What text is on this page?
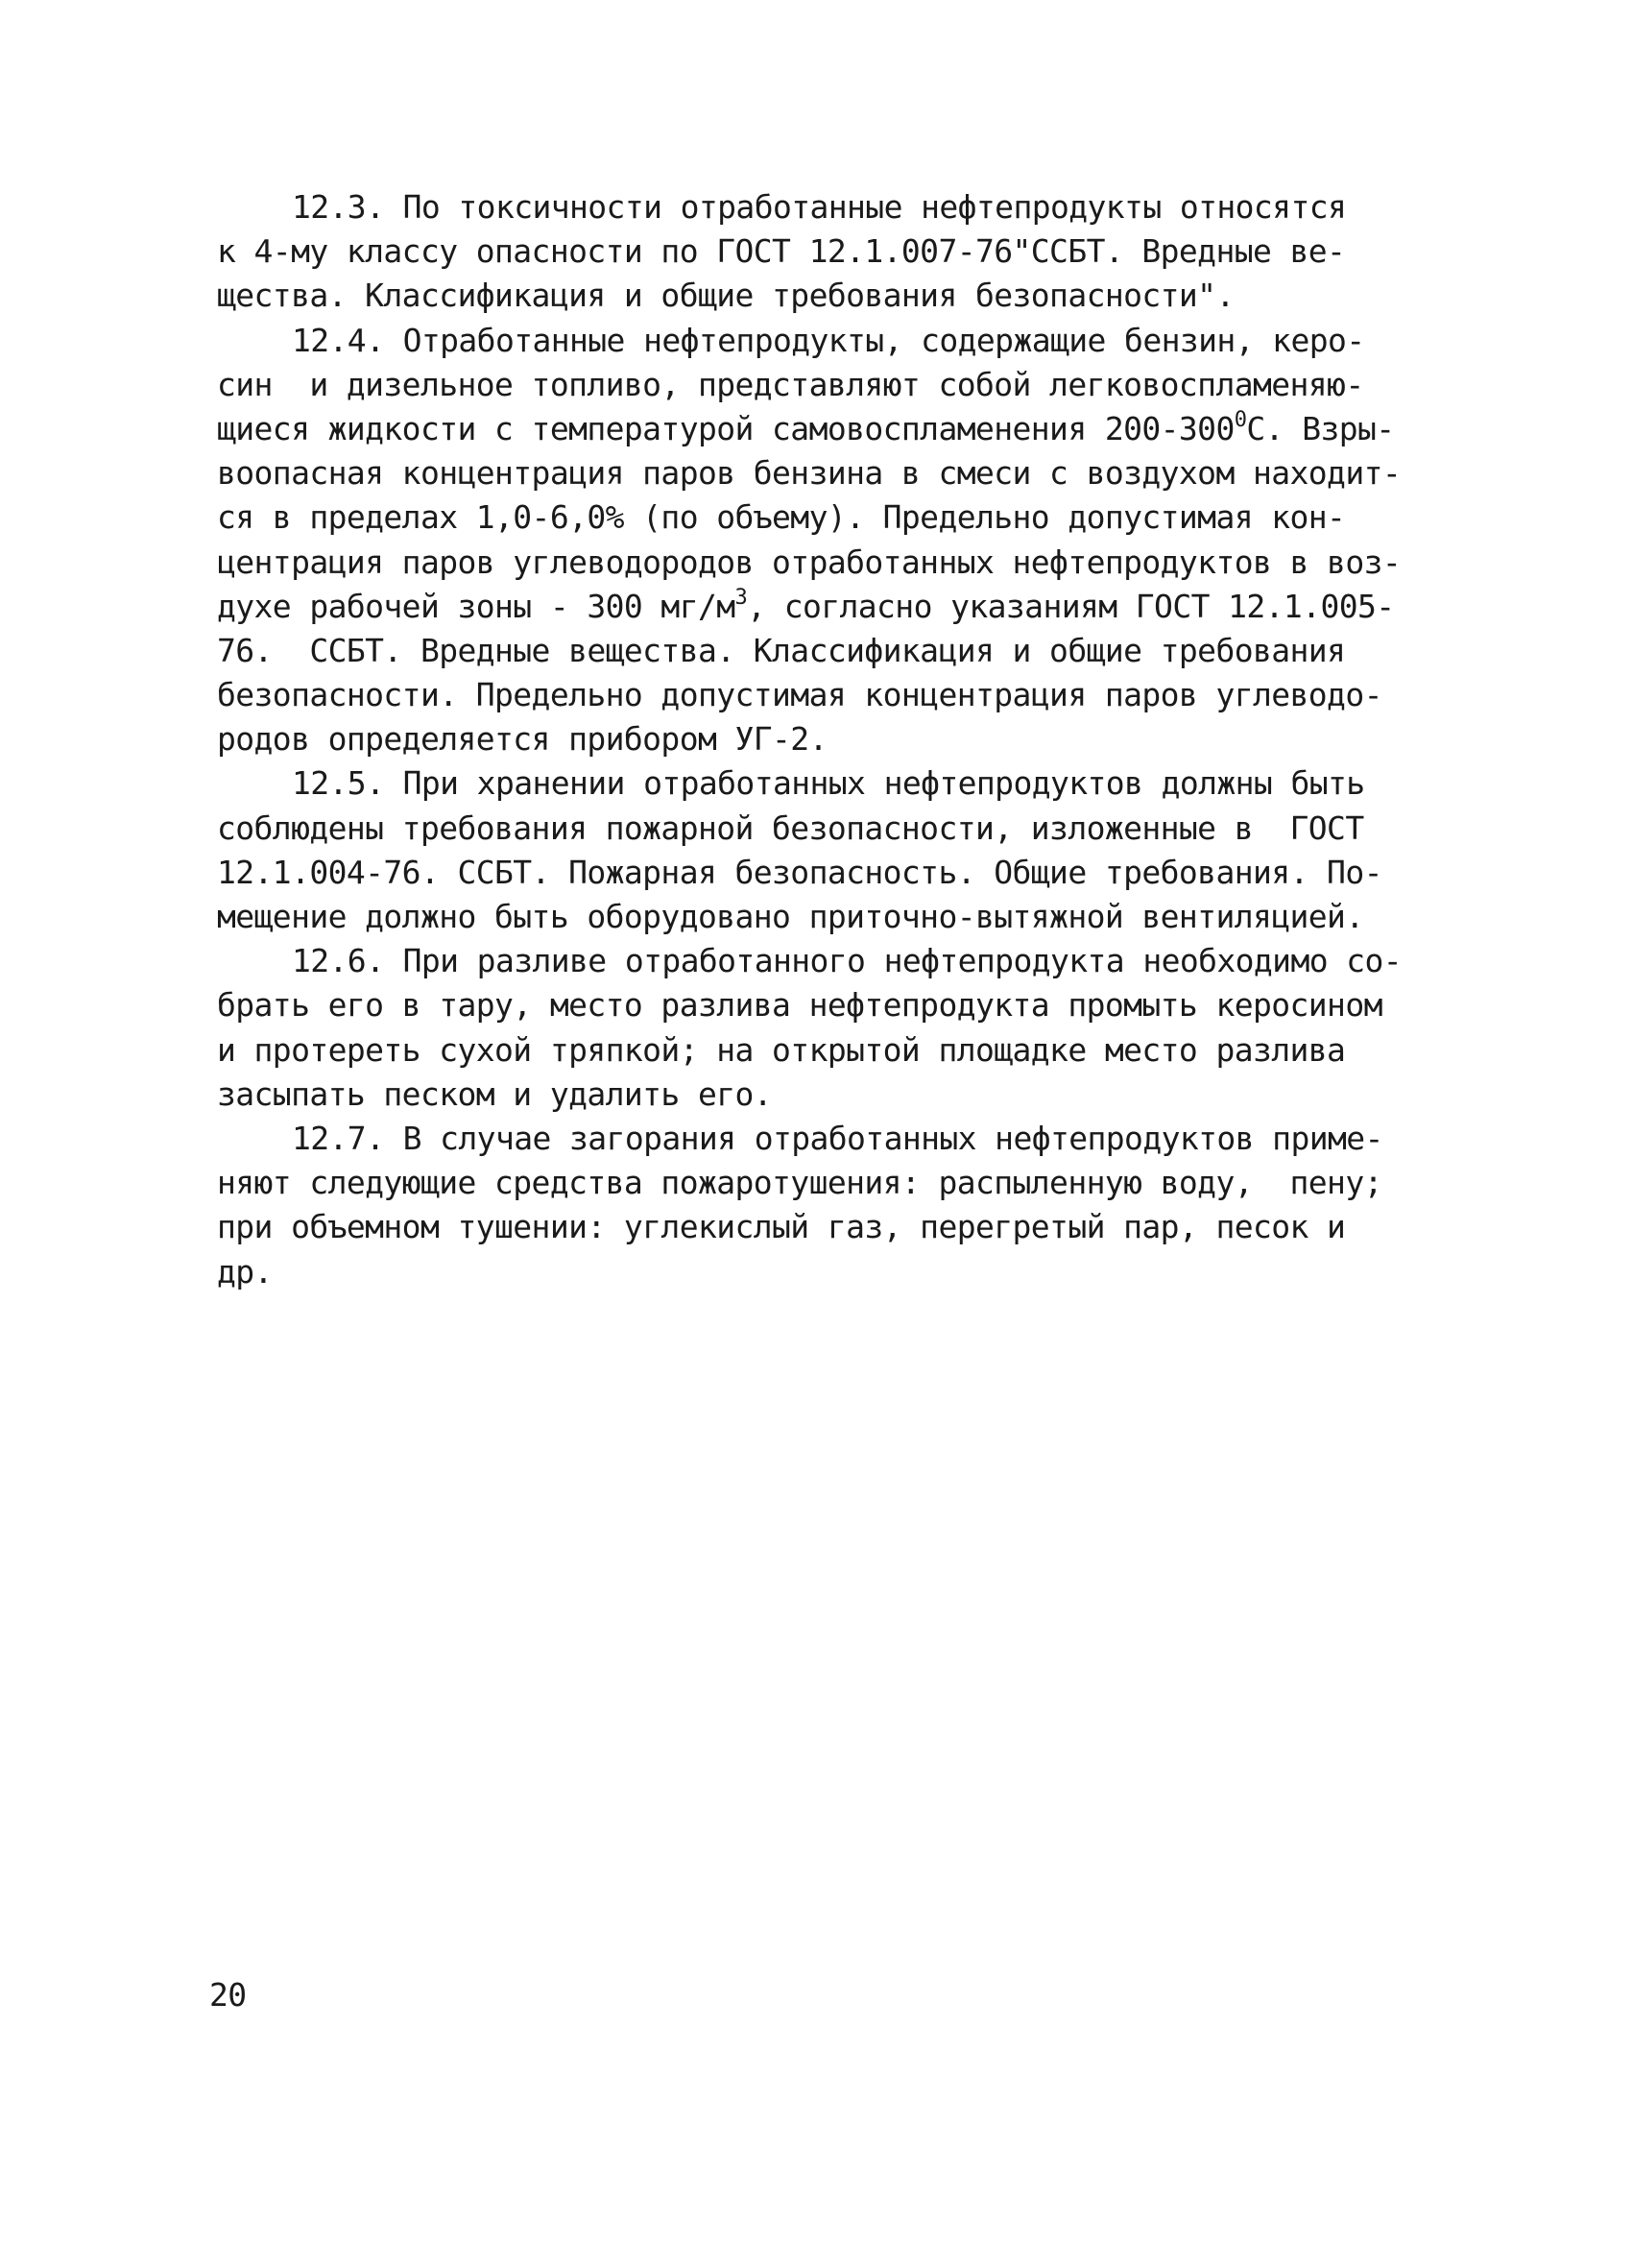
12.3. По токсичности отработанные нефтепродукты относятся
к 4-му классу опасности по ГОСТ 12.1.007-76"ССБТ. Вредные ве-
щества. Классификация и общие требования безопасности".
12.4. Отработанные нефтепродукты, содержащие бензин, керо-
син  и дизельное топливо, представляют собой легковоспламеняю-
щиеся жидкости с температурой самовоспламенения $200-300^0С$. Взры-
воопасная концентрация паров бензина в смеси с воздухом находит-
ся в пределах 1,0-6,0% (по объему). Предельно допустимая кон-
центрация паров углеводородов отработанных нефтепродуктов в воз-
духе рабочей зоны - 300 $мг/м^3$, согласно указаниям ГОСТ 12.1.005-
76.  ССБТ. Вредные вещества. Классификация и общие требования
безопасности. Предельно допустимая концентрация паров углеводо-
родов определяется прибором УГ-2.
12.5. При хранении отработанных нефтепродуктов должны быть
соблюдены требования пожарной безопасности, изложенные в  ГОСТ
12.1.004-76. ССБТ. Пожарная безопасность. Общие требования. По-
мещение должно быть оборудовано приточно-вытяжной вентиляцией.
12.6. При разливе отработанного нефтепродукта необходимо со-
брать его в тару, место разлива нефтепродукта промыть керосином
и протереть сухой тряпкой; на открытой площадке место разлива
засыпать песком и удалить его.
12.7. В случае загорания отработанных нефтепродуктов приме-
няют следующие средства пожаротушения: распыленную воду,  пену;
при объемном тушении: углекислый газ, перегретый пар, песок и
др.
20
